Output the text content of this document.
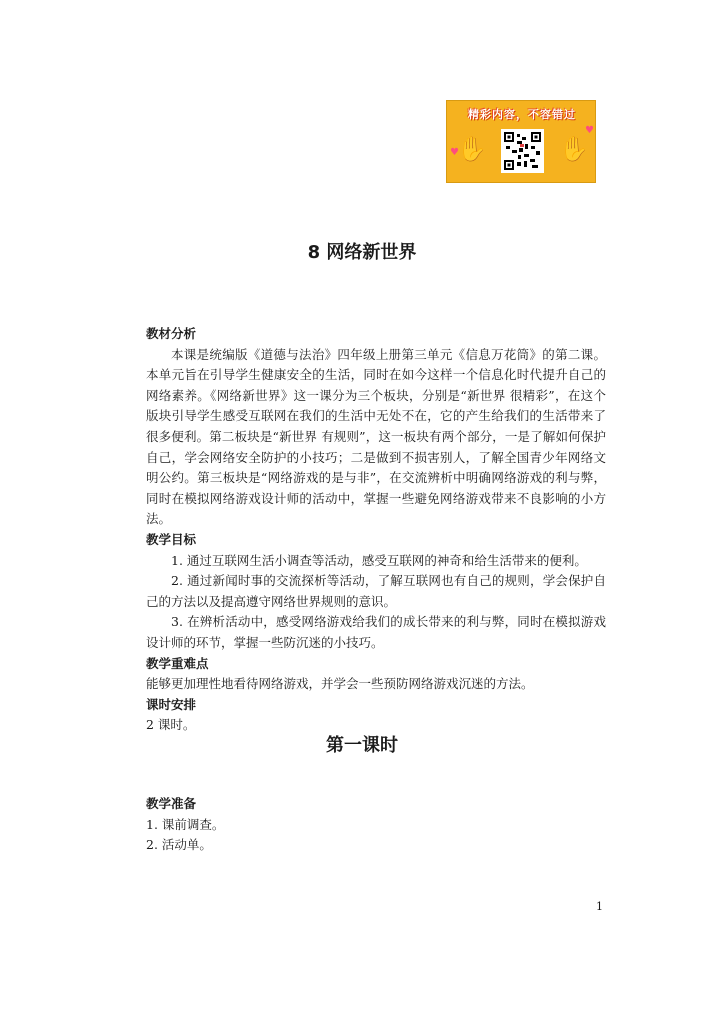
精彩内容，不容错过
♥
♥
✋	✋
8 网络新世界
教材分析

本课是统编版《道德与法治》四年级上册第三单元《信息万花筒》的第二课。本单元旨在引导学生健康安全的生活，同时在如今这样一个信息化时代提升自己的网络素养。《网络新世界》这一课分为三个板块，分别是“新世界 很精彩”，在这个版块引导学生感受互联网在我们的生活中无处不在，它的产生给我们的生活带来了很多便利。第二板块是“新世界 有规则”，这一板块有两个部分，一是了解如何保护自己，学会网络安全防护的小技巧；二是做到不损害别人，了解全国青少年网络文明公约。第三板块是“网络游戏的是与非”，在交流辨析中明确网络游戏的利与弊，同时在模拟网络游戏设计师的活动中，掌握一些避免网络游戏带来不良影响的小方法。

教学目标

1. 通过互联网生活小调查等活动，感受互联网的神奇和给生活带来的便利。

2. 通过新闻时事的交流探析等活动，了解互联网也有自己的规则，学会保护自己的方法以及提高遵守网络世界规则的意识。

3. 在辨析活动中，感受网络游戏给我们的成长带来的利与弊，同时在模拟游戏设计师的环节，掌握一些防沉迷的小技巧。

教学重难点

能够更加理性地看待网络游戏，并学会一些预防网络游戏沉迷的方法。

课时安排

2 课时。

第一课时
教学准备

1. 课前调查。

2. 活动单。

1
